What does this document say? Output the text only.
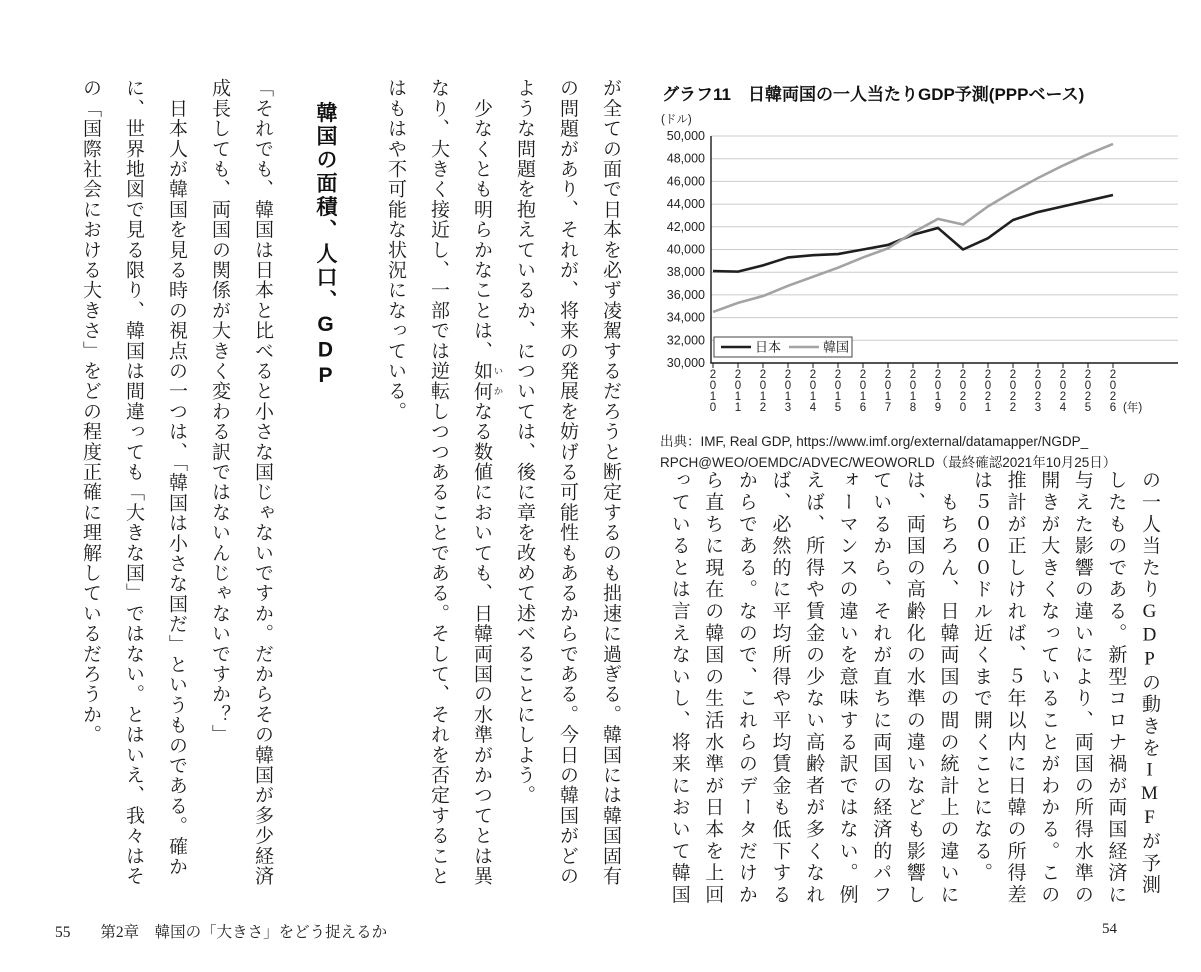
グラフ11　日韓両国の一人当たりGDP予測(PPPベース)
(ドル)
30,000
32,000
34,000
36,000
38,000
40,000
42,000
44,000
46,000
48,000
50,000
2 0 1 0
2 0 1 1
2 0 1 2
2 0 1 3
2 0 1 4
2 0 1 5
2 0 1 6
2 0 1 7
2 0 1 8
2 0 1 9
2 0 2 0
2 0 2 1
2 0 2 2
2 0 2 3
2 0 2 4
2 0 2 5
2 0 2 6 (年)
日本	韓国
出典：IMF, Real GDP, https://www.imf.org/external/datamapper/NGDP_
RPCH@WEO/OEMDC/ADVEC/WEOWORLD（最終確認2021年10月25日）

の一人当たりGDPの動きをIMFが予測したものである。新型コロナ禍が両国経済に与えた影響の違いにより、両国の所得水準の開きが大きくなっていることがわかる。この推計が正しければ、５年以内に日韓の所得差は５０００ドル近くまで開くことになる。

　もちろん、日韓両国の間の統計上の違いには、両国の高齢化の水準の違いなども影響しているから、それが直ちに両国の経済的パフォーマンスの違いを意味する訳ではない。例えば、所得や賃金の少ない高齢者が多くなれば、必然的に平均所得や平均賃金も低下するからである。なので、これらのデータだけから直ちに現在の韓国の生活水準が日本を上回っているとは言えないし、将来において韓国

54

が全ての面で日本を必ず凌駕するだろうと断定するのも拙速に過ぎる。韓国には韓国固有の問題があり、それが、将来の発展を妨げる可能性もあるからである。今日の韓国がどのような問題を抱えているか、については、後に章を改めて述べることにしよう。

　少なくとも明らかなことは、如何 いかなる数値においても、日韓両国の水準がかつてとは異なり、大きく接近し、一部では逆転しつつあることである。そして、それを否定することはもはや不可能な状況になっている。

　韓国の面積、人口、GDP

「それでも、韓国は日本と比べると小さな国じゃないですか。だからその韓国が多少経済成長しても、両国の関係が大きく変わる訳ではないんじゃないですか？」

　日本人が韓国を見る時の視点の一つは、「韓国は小さな国だ」というものである。確かに、世界地図で見る限り、韓国は間違っても「大きな国」ではない。とはいえ、我々はその「国際社会における大きさ」をどの程度正確に理解しているだろうか。

55 第2章　韓国の「大きさ」をどう捉えるか
